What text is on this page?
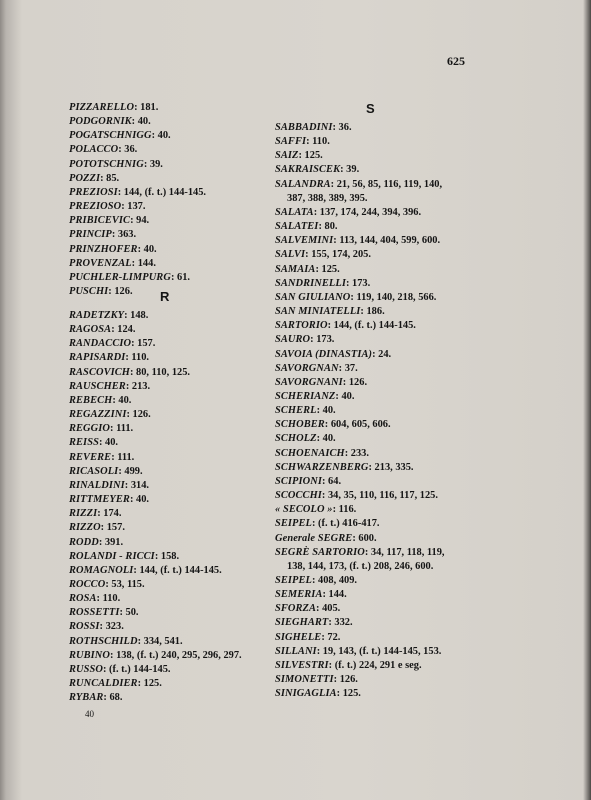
625
PIZZARELLO: 181.
PODGORNIK: 40.
POGATSCHNIGG: 40.
POLACCO: 36.
POTOTSCHNIG: 39.
POZZI: 85.
PREZIOSI: 144, (f. t.) 144-145.
PREZIOSO: 137.
PRIBICEVIC: 94.
PRINCIP: 363.
PRINZHOFER: 40.
PROVENZAL: 144.
PUCHLER-LIMPURG: 61.
PUSCHI: 126.	R
RADETZKY: 148.
RAGOSA: 124.
RANDACCIO: 157.
RAPISARDI: 110.
RASCOVICH: 80, 110, 125.
RAUSCHER: 213.
REBECH: 40.
REGAZZINI: 126.
REGGIO: 111.
REISS: 40.
REVERE: 111.
RICASOLI: 499.
RINALDINI: 314.
RITTMEYER: 40.
RIZZI: 174.
RIZZO: 157.
RODD: 391.
ROLANDI - RICCI: 158.
ROMAGNOLI: 144, (f. t.) 144-145.
ROCCO: 53, 115.
ROSA: 110.
ROSSETTI: 50.
ROSSI: 323.
ROTHSCHILD: 334, 541.
RUBINO: 138, (f. t.) 240, 295, 296, 297.
RUSSO: (f. t.) 144-145.
RUNCALDIER: 125.
RYBAR: 68.
S
SABBADINI: 36.
SAFFI: 110.
SAIZ: 125.
SAKRAISCEK: 39.
SALANDRA: 21, 56, 85, 116, 119, 140,
387, 388, 389, 395.
SALATA: 137, 174, 244, 394, 396.
SALATEI: 80.
SALVEMINI: 113, 144, 404, 599, 600.
SALVI: 155, 174, 205.
SAMAIA: 125.
SANDRINELLI: 173.
SAN GIULIANO: 119, 140, 218, 566.
SAN MINIATELLI: 186.
SARTORIO: 144, (f. t.) 144-145.
SAURO: 173.
SAVOIA (DINASTIA): 24.
SAVORGNAN: 37.
SAVORGNANI: 126.
SCHERIANZ: 40.
SCHERL: 40.
SCHOBER: 604, 605, 606.
SCHOLZ: 40.
SCHOENAICH: 233.
SCHWARZENBERG: 213, 335.
SCIPIONI: 64.
SCOCCHI: 34, 35, 110, 116, 117, 125.
« SECOLO »: 116.
SEIPEL: (f. t.) 416-417.
Generale SEGRE: 600.
SEGRÈ SARTORIO: 34, 117, 118, 119,
138, 144, 173, (f. t.) 208, 246, 600.
SEIPEL: 408, 409.
SEMERIA: 144.
SFORZA: 405.
SIEGHART: 332.
SIGHELE: 72.
SILLANI: 19, 143, (f. t.) 144-145, 153.
SILVESTRI: (f. t.) 224, 291 e seg.
SIMONETTI: 126.
SINIGAGLIA: 125.
40
